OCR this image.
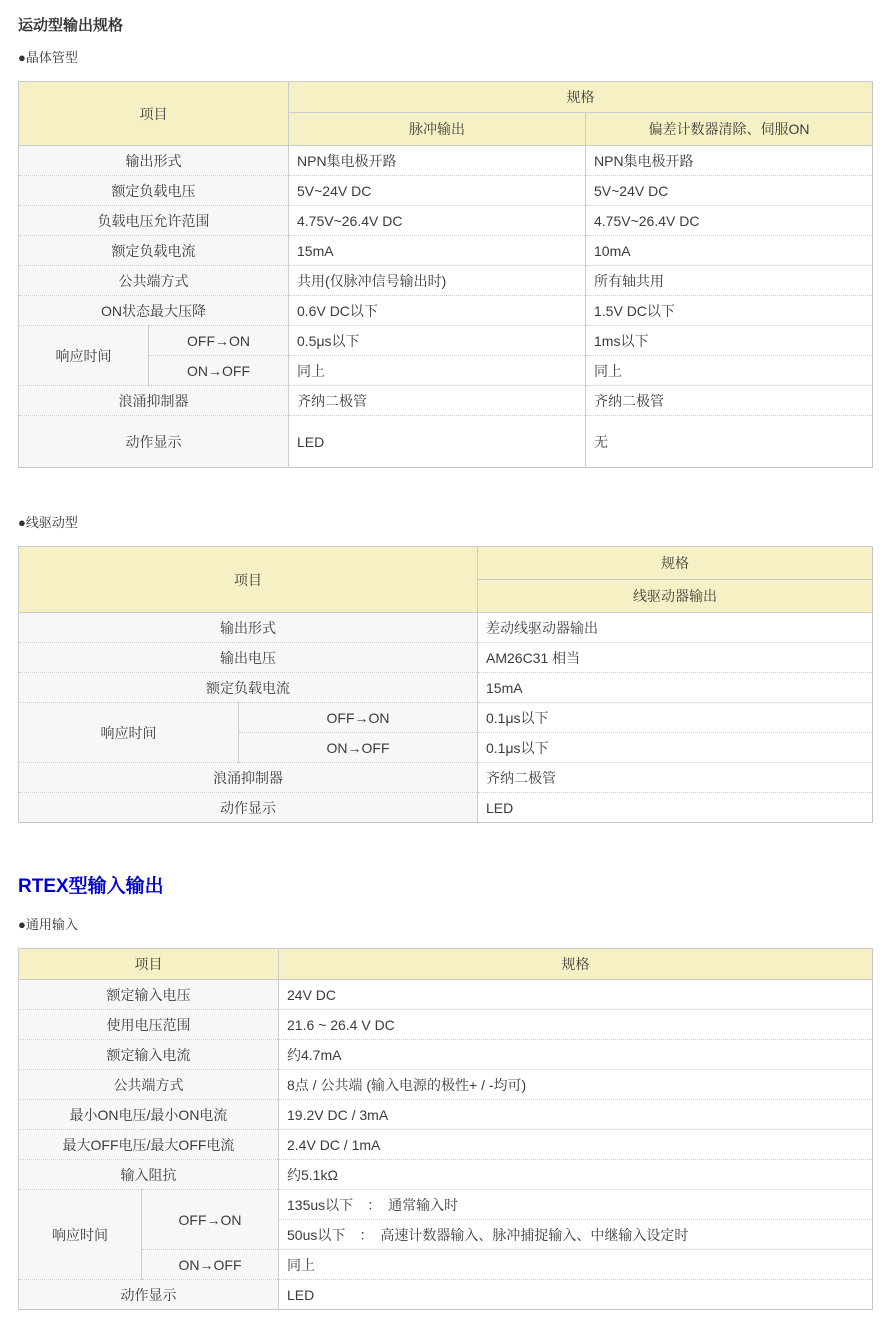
运动型输出规格
●晶体管型
项目		规格	
		脉冲输出	偏差计数器清除、伺服ON
输出形式		NPN集电极开路	NPN集电极开路
额定负载电压		5V~24V DC	5V~24V DC
负载电压允许范围		4.75V~26.4V DC	4.75V~26.4V DC
额定负载电流		15mA	10mA
公共端方式		共用(仅脉冲信号输出时)	所有轴共用
ON状态最大压降		0.6V DC以下	1.5V DC以下
响应时间	OFF→ON	0.5μs以下	1ms以下
	ON→OFF	同上	同上
浪涌抑制器		齐纳二极管	齐纳二极管
动作显示		LED	无
●线驱动型
项目		规格
		线驱动器输出
输出形式		差动线驱动器输出
输出电压		AM26C31 相当
额定负载电流		15mA
响应时间	OFF→ON	0.1μs以下
	ON→OFF	0.1μs以下
浪涌抑制器		齐纳二极管
动作显示		LED
RTEX型输入输出
●通用输入
项目		规格
额定输入电压		24V DC
使用电压范围		21.6 ~ 26.4 V DC
额定输入电流		约4.7mA
公共端方式		8点 / 公共端 (输入电源的极性+ / -均可)
最小ON电压/最小ON电流		19.2V DC / 3mA
最大OFF电压/最大OFF电流		2.4V DC / 1mA
输入阻抗		约5.1kΩ
响应时间	OFF→ON	135us以下　：　通常输入时
		50us以下　：　高速计数器输入、脉冲捕捉输入、中继输入设定时
	ON→OFF	同上
动作显示		LED
